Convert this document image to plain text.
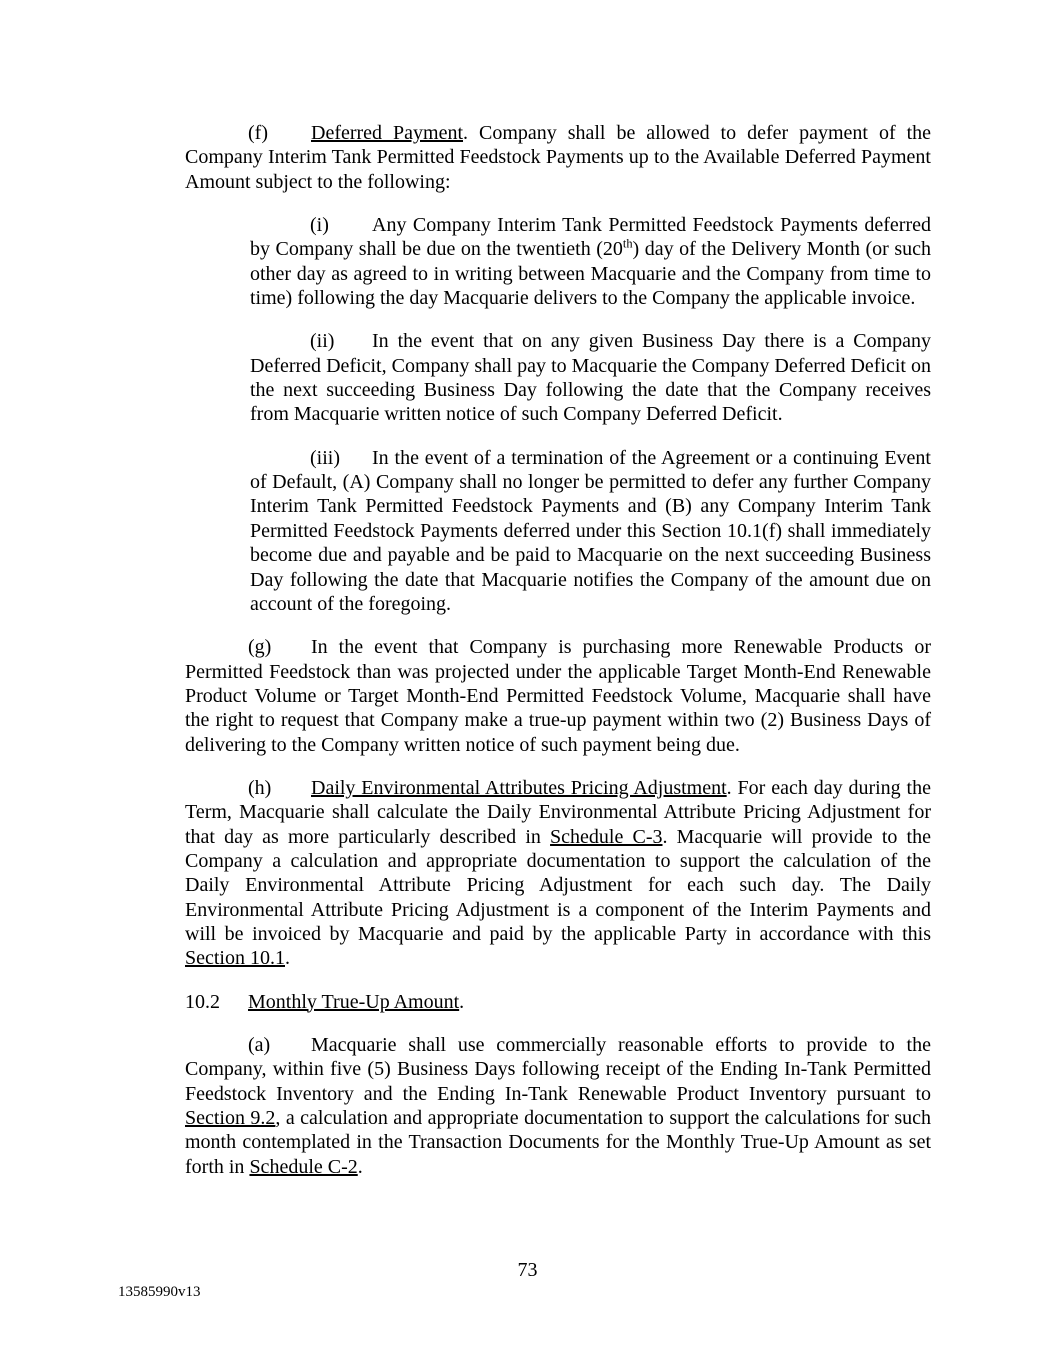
(f) Deferred Payment. Company shall be allowed to defer payment of the Company Interim Tank Permitted Feedstock Payments up to the Available Deferred Payment Amount subject to the following:

(i) Any Company Interim Tank Permitted Feedstock Payments deferred by Company shall be due on the twentieth (20th) day of the Delivery Month (or such other day as agreed to in writing between Macquarie and the Company from time to time) following the day Macquarie delivers to the Company the applicable invoice.

(ii) In the event that on any given Business Day there is a Company Deferred Deficit, Company shall pay to Macquarie the Company Deferred Deficit on the next succeeding Business Day following the date that the Company receives from Macquarie written notice of such Company Deferred Deficit.

(iii) In the event of a termination of the Agreement or a continuing Event of Default, (A) Company shall no longer be permitted to defer any further Company Interim Tank Permitted Feedstock Payments and (B) any Company Interim Tank Permitted Feedstock Payments deferred under this Section 10.1(f) shall immediately become due and payable and be paid to Macquarie on the next succeeding Business Day following the date that Macquarie notifies the Company of the amount due on account of the foregoing.

(g) In the event that Company is purchasing more Renewable Products or Permitted Feedstock than was projected under the applicable Target Month-End Renewable Product Volume or Target Month-End Permitted Feedstock Volume, Macquarie shall have the right to request that Company make a true-up payment within two (2) Business Days of delivering to the Company written notice of such payment being due.

(h) Daily Environmental Attributes Pricing Adjustment. For each day during the Term, Macquarie shall calculate the Daily Environmental Attribute Pricing Adjustment for that day as more particularly described in Schedule C-3. Macquarie will provide to the Company a calculation and appropriate documentation to support the calculation of the Daily Environmental Attribute Pricing Adjustment for each such day. The Daily Environmental Attribute Pricing Adjustment is a component of the Interim Payments and will be invoiced by Macquarie and paid by the applicable Party in accordance with this Section 10.1.

10.2 Monthly True-Up Amount.

(a) Macquarie shall use commercially reasonable efforts to provide to the Company, within five (5) Business Days following receipt of the Ending In-Tank Permitted Feedstock Inventory and the Ending In-Tank Renewable Product Inventory pursuant to Section 9.2, a calculation and appropriate documentation to support the calculations for such month contemplated in the Transaction Documents for the Monthly True-Up Amount as set forth in Schedule C-2.

73
13585990v13
